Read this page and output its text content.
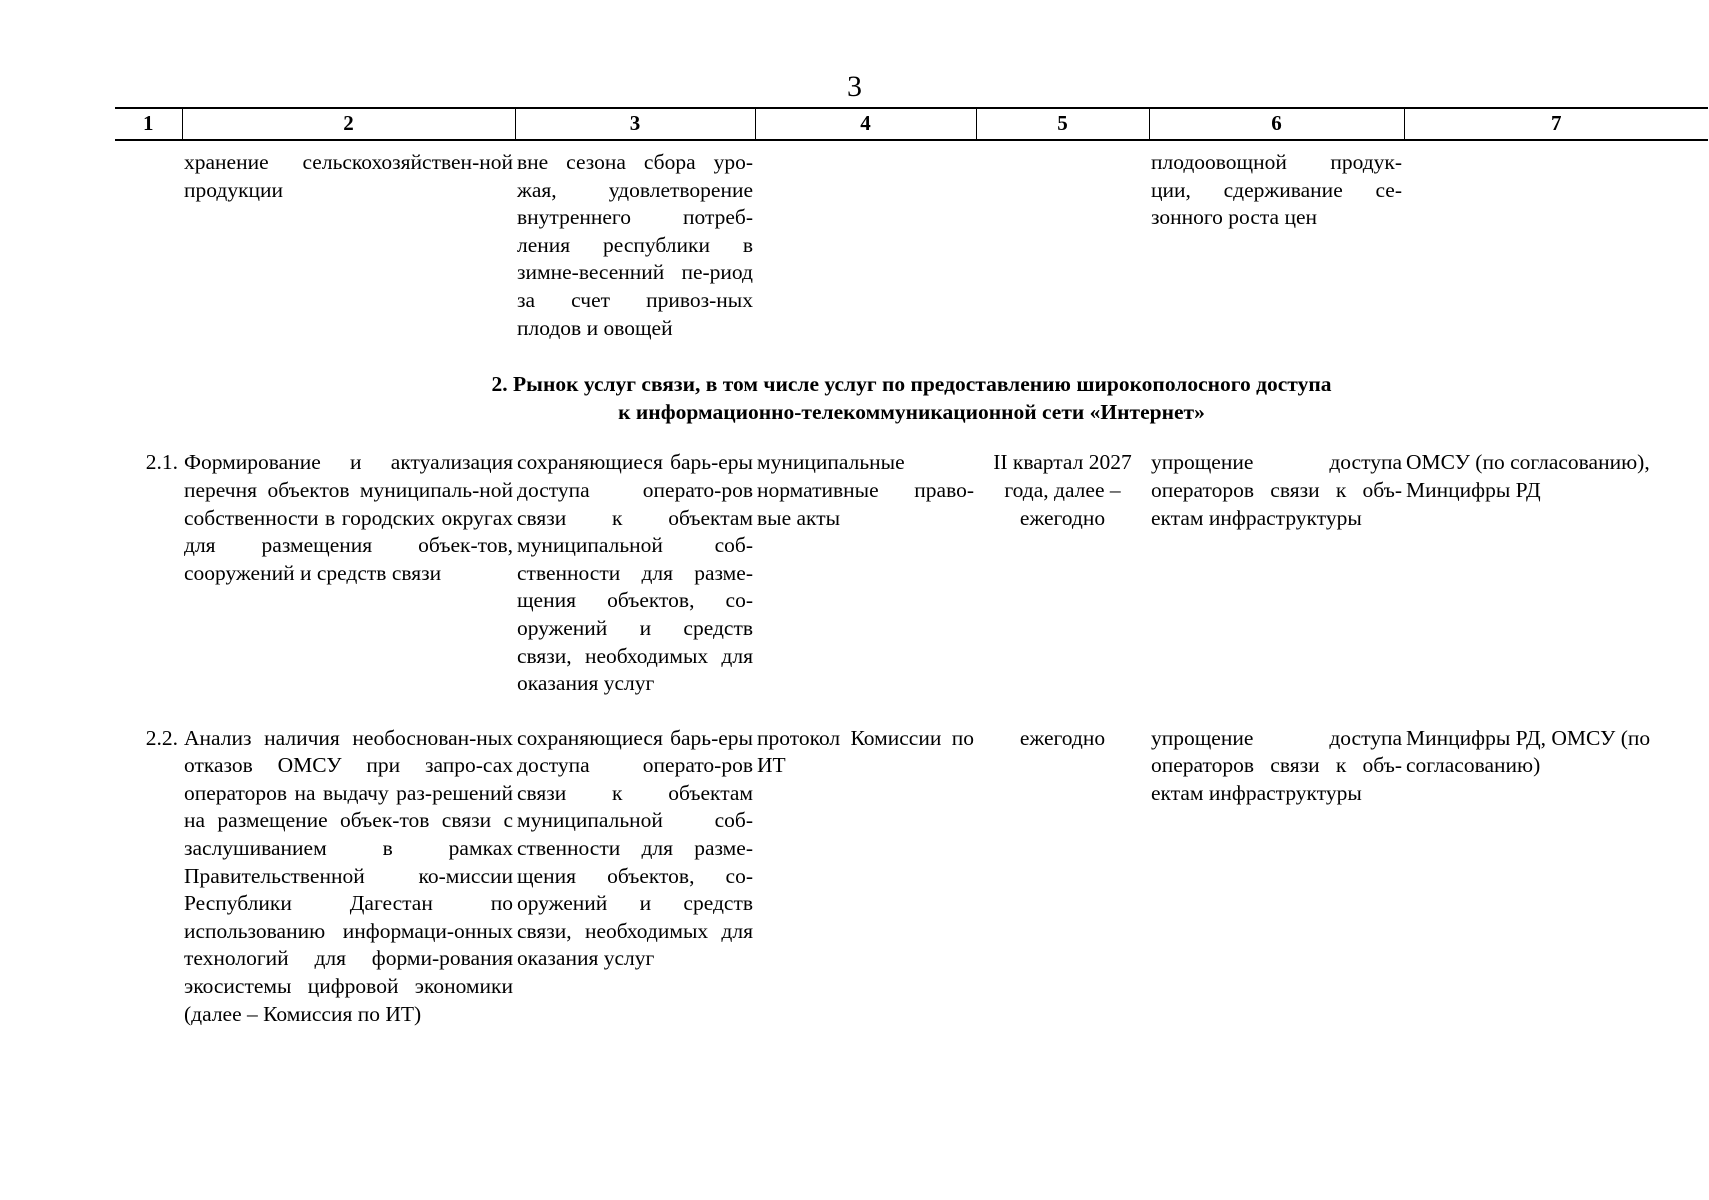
3
1	2	3	4	5	6	7

	хранение сельскохозяйствен-ной продукции	вне сезона сбора уро-жая, удовлетворение внутреннего потреб-ления республики в зимне-весенний пе-риод за счет привоз-ных плодов и овощей			плодоовощной продук-ции, сдерживание се-зонного роста цен	

2. Рынок услуг связи, в том числе услуг по предоставлению широкополосного доступа
к информационно-телекоммуникационной сети «Интернет»						

2.1.	Формирование и актуализация перечня объектов муниципаль-ной собственности в городских округах для размещения объек-тов, сооружений и средств связи	сохраняющиеся барь-еры доступа операто-ров связи к объектам муниципальной соб-ственности для разме-щения объектов, со-оружений и средств связи, необходимых для оказания услуг	муниципальные нормативные право-вые акты	II квартал 2027 года, далее – ежегодно	упрощение доступа операторов связи к объ-ектам инфраструктуры	ОМСУ (по согласованию), Минцифры РД

2.2.	Анализ наличия необоснован-ных отказов ОМСУ при запро-сах операторов на выдачу раз-решений на размещение объек-тов связи с заслушиванием в рамках Правительственной ко-миссии Республики Дагестан по использованию информаци-онных технологий для форми-рования экосистемы цифровой экономики (далее – Комиссия по ИТ)	сохраняющиеся барь-еры доступа операто-ров связи к объектам муниципальной соб-ственности для разме-щения объектов, со-оружений и средств связи, необходимых для оказания услуг	протокол Комиссии по ИТ	ежегодно	упрощение доступа операторов связи к объ-ектам инфраструктуры	Минцифры РД, ОМСУ (по согласованию)
